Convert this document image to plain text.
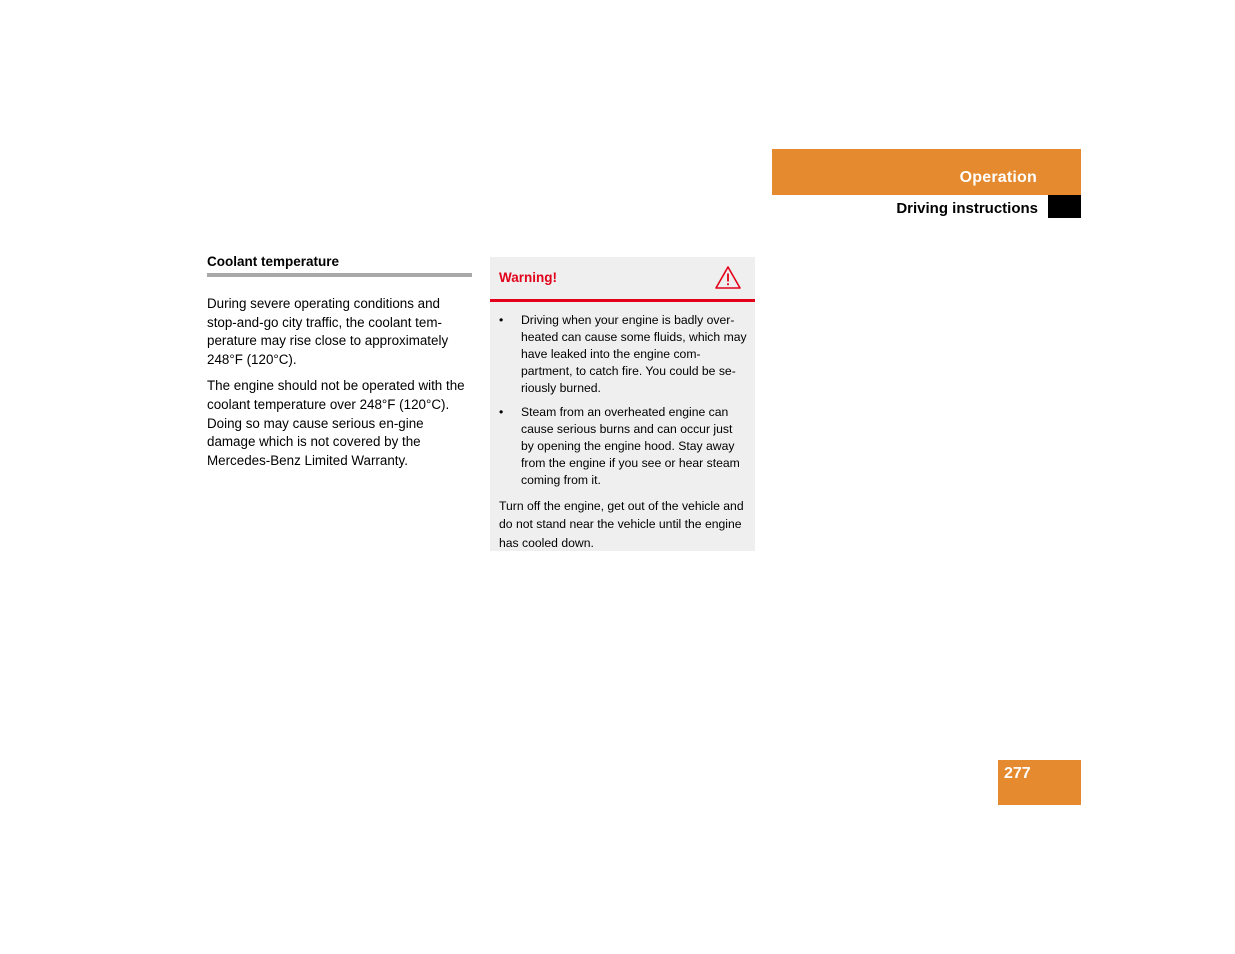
Operation
Driving instructions
Coolant temperature

During severe operating conditions and stop-and-go city traffic, the coolant tem-perature may rise close to approximately 248°F (120°C).

The engine should not be operated with the coolant temperature over 248°F (120°C). Doing so may cause serious en-gine damage which is not covered by the Mercedes-Benz Limited Warranty.

Warning!
•	Driving when your engine is badly over-heated can cause some fluids, which may have leaked into the engine com-partment, to catch fire. You could be se-riously burned.
•	Steam from an overheated engine can cause serious burns and can occur just by opening the engine hood. Stay away from the engine if you see or hear steam coming from it.
Turn off the engine, get out of the vehicle and do not stand near the vehicle until the engine has cooled down.
277
